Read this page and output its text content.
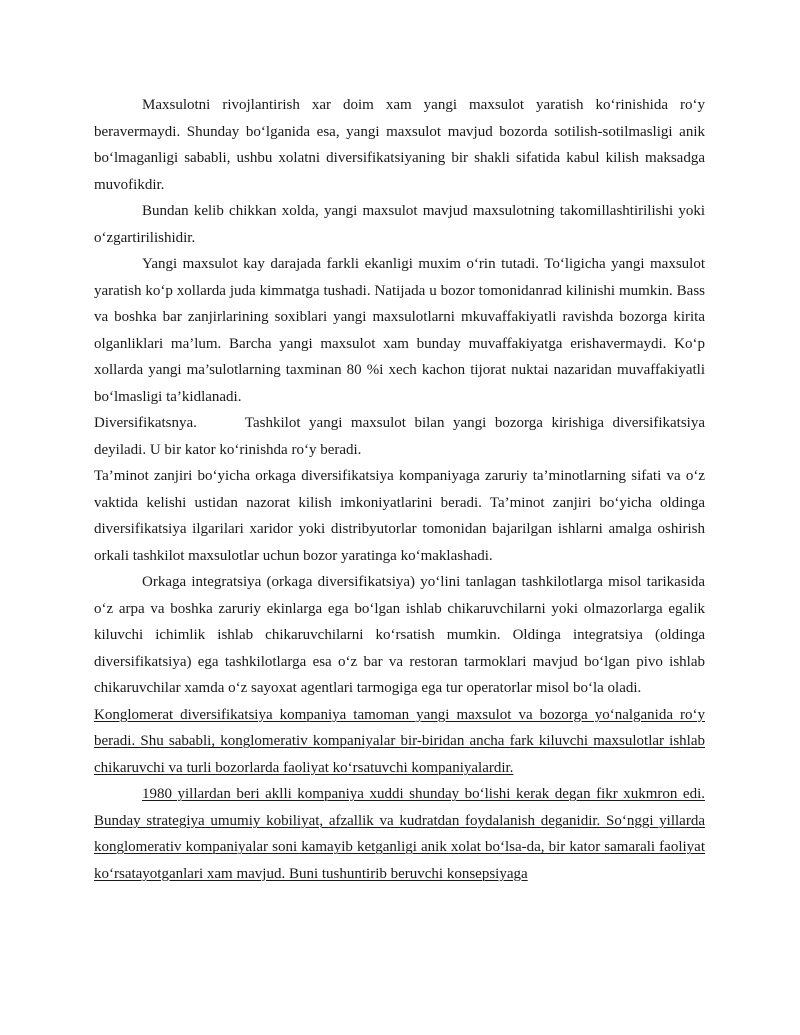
Maxsulotni rivojlantirish xar doim xam yangi maxsulot yaratish ko‘rinishida ro‘y beravermaydi. Shunday bo‘lganida esa, yangi maxsulot mavjud bozorda sotilish-sotilmasligi anik bo‘lmaganligi sababli, ushbu xolatni diversifikatsiyaning bir shakli sifatida kabul kilish maksadga muvofikdir.

Bundan kelib chikkan xolda, yangi maxsulot mavjud maxsulotning takomillashtirilishi yoki o‘zgartirilishidir.

Yangi maxsulot kay darajada farkli ekanligi muxim o‘rin tutadi. To‘ligicha yangi maxsulot yaratish ko‘p xollarda juda kimmatga tushadi. Natijada u bozor tomonidanrad kilinishi mumkin. Bass va boshka bar zanjirlarining soxiblari yangi maxsulotlarni mkuvaffakiyatli ravishda bozorga kirita olganliklari ma’lum. Barcha yangi maxsulot xam bunday muvaffakiyatga erishavermaydi. Ko‘p xollarda yangi ma’sulotlarning taxminan 80 %i xech kachon tijorat nuktai nazaridan muvaffakiyatli bo‘lmasligi ta’kidlanadi.

Diversifikatsnya.	Tashkilot yangi maxsulot bilan yangi bozorga kirishiga diversifikatsiya deyiladi. U bir kator ko‘rinishda ro‘y beradi.

Ta’minot zanjiri bo‘yicha orkaga diversifikatsiya kompaniyaga zaruriy ta’minotlarning sifati va o‘z vaktida kelishi ustidan nazorat kilish imkoniyatlarini beradi. Ta’minot zanjiri bo‘yicha oldinga diversifikatsiya ilgarilari xaridor yoki distribyutorlar tomonidan bajarilgan ishlarni amalga oshirish orkali tashkilot maxsulotlar uchun bozor yaratinga ko‘maklashadi.

Orkaga integratsiya (orkaga diversifikatsiya) yo‘lini tanlagan tashkilotlarga misol tarikasida o‘z arpa va boshka zaruriy ekinlarga ega bo‘lgan ishlab chikaruvchilarni yoki olmazorlarga egalik kiluvchi ichimlik ishlab chikaruvchilarni ko‘rsatish mumkin. Oldinga integratsiya (oldinga diversifikatsiya) ega tashkilotlarga esa o‘z bar va restoran tarmoklari mavjud bo‘lgan pivo ishlab chikaruvchilar xamda o‘z sayoxat agentlari tarmogiga ega tur operatorlar misol bo‘la oladi.

Konglomerat diversifikatsiya kompaniya tamoman yangi maxsulot va bozorga yo‘nalganida ro‘y beradi. Shu sababli, konglomerativ kompaniyalar bir-biridan ancha fark kiluvchi maxsulotlar ishlab chikaruvchi va turli bozorlarda faoliyat ko‘rsatuvchi kompaniyalardir.

1980 yillardan beri aklli kompaniya xuddi shunday bo‘lishi kerak degan fikr xukmron edi. Bunday strategiya umumiy kobiliyat, afzallik va kudratdan foydalanish deganidir. So‘nggi yillarda konglomerativ kompaniyalar soni kamayib ketganligi anik xolat bo‘lsa-da, bir kator samarali faoliyat ko‘rsatayotganlari xam mavjud. Buni tushuntirib beruvchi konsepsiyaga
